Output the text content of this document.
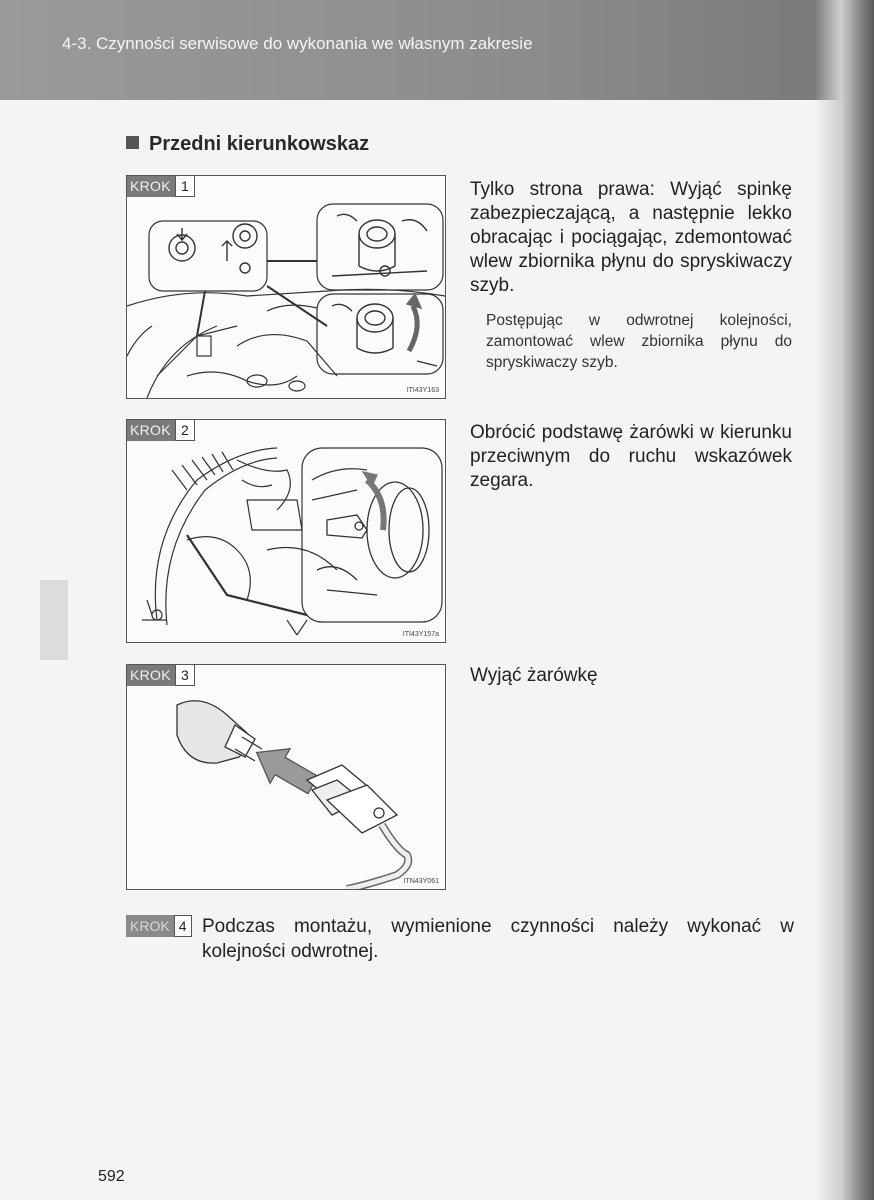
4-3. Czynności serwisowe do wykonania we własnym zakresie
Przedni kierunkowskaz
KROK 1
ITI43Y163
Tylko strona prawa: Wyjąć spinkę zabezpieczającą, a następnie lekko obracając i pociągając, zdemontować wlew zbiornika płynu do spryskiwaczy szyb.
Postępując w odwrotnej kolejności, zamontować wlew zbiornika płynu do spryskiwaczy szyb.
KROK 2
ITI43Y157a
Obrócić podstawę żarówki w kierunku przeciwnym do ruchu wskazówek zegara.
KROK 3
ITN43Y061
Wyjąć żarówkę
KROK 4 Podczas montażu, wymienione czynności należy wykonać w kolejności odwrotnej.
592
